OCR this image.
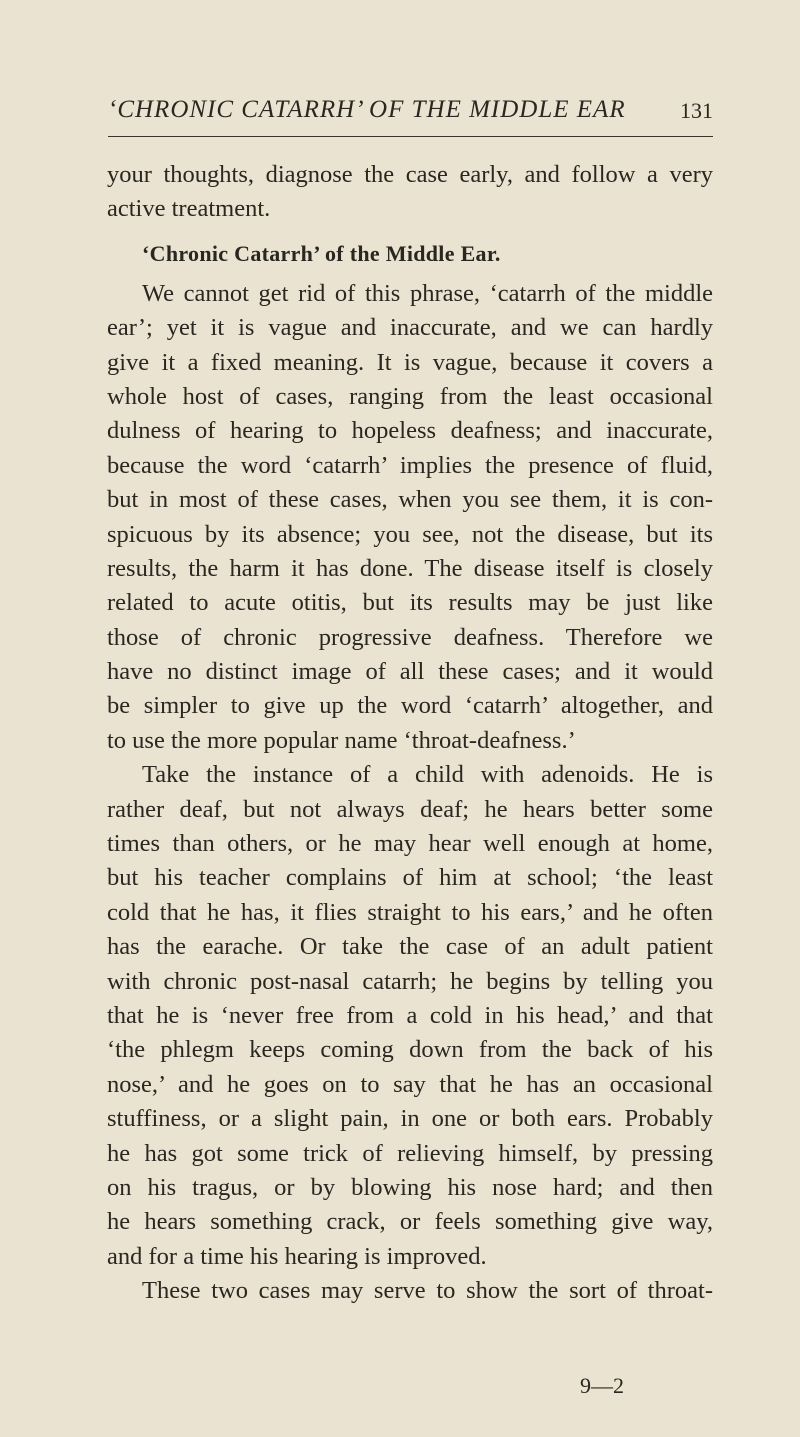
‘CHRONIC CATARRH’ OF THE MIDDLE EAR 131
your thoughts, diagnose the case early, and follow a very
active treatment.
‘Chronic Catarrh’ of the Middle Ear.
We cannot get rid of this phrase, ‘catarrh of the middle
ear’; yet it is vague and inaccurate, and we can hardly
give it a fixed meaning. It is vague, because it covers a
whole host of cases, ranging from the least occasional
dulness of hearing to hopeless deafness; and inaccurate,
because the word ‘catarrh’ implies the presence of fluid,
but in most of these cases, when you see them, it is con-
spicuous by its absence; you see, not the disease, but its
results, the harm it has done. The disease itself is closely
related to acute otitis, but its results may be just like
those of chronic progressive deafness. Therefore we
have no distinct image of all these cases; and it would
be simpler to give up the word ‘catarrh’ altogether, and
to use the more popular name ‘throat-deafness.’
Take the instance of a child with adenoids. He is
rather deaf, but not always deaf; he hears better some
times than others, or he may hear well enough at home,
but his teacher complains of him at school; ‘the least
cold that he has, it flies straight to his ears,’ and he often
has the earache. Or take the case of an adult patient
with chronic post-nasal catarrh; he begins by telling you
that he is ‘never free from a cold in his head,’ and that
‘the phlegm keeps coming down from the back of his
nose,’ and he goes on to say that he has an occasional
stuffiness, or a slight pain, in one or both ears. Probably
he has got some trick of relieving himself, by pressing
on his tragus, or by blowing his nose hard; and then
he hears something crack, or feels something give way,
and for a time his hearing is improved.
These two cases may serve to show the sort of throat-
9—2
